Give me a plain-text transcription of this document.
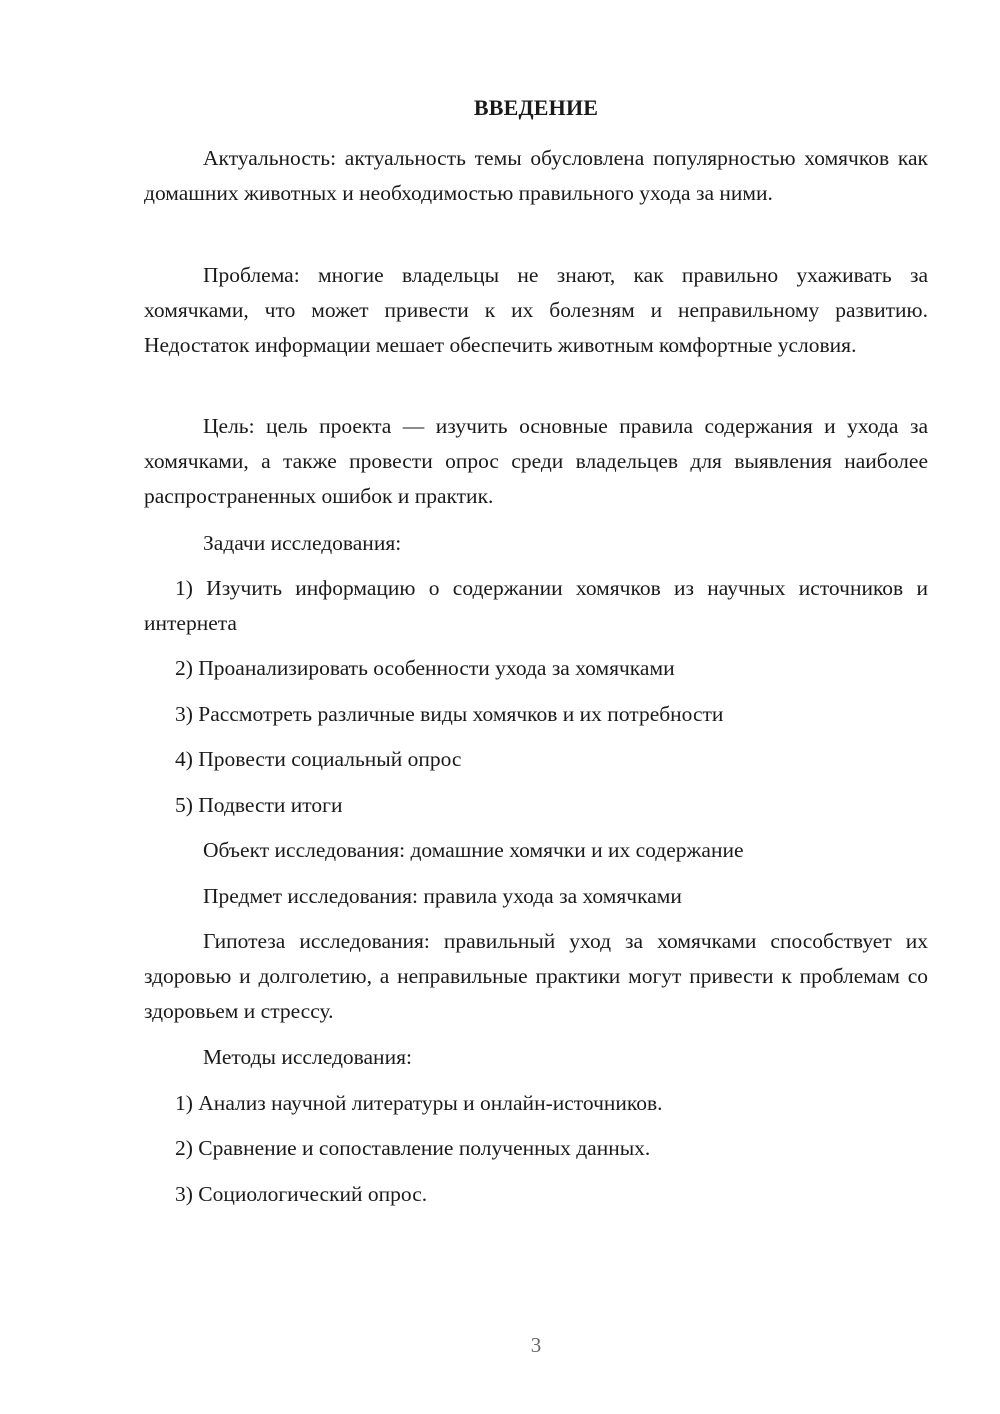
ВВЕДЕНИЕ

Актуальность: актуальность темы обусловлена популярностью хомячков как домашних животных и необходимостью правильного ухода за ними.

Проблема: многие владельцы не знают, как правильно ухаживать за хомячками, что может привести к их болезням и неправильному развитию. Недостаток информации мешает обеспечить животным комфортные условия.

Цель: цель проекта — изучить основные правила содержания и ухода за хомячками, а также провести опрос среди владельцев для выявления наиболее распространенных ошибок и практик.

Задачи исследования:

1) Изучить информацию о содержании хомячков из научных источников и интернета

2) Проанализировать особенности ухода за хомячками

3) Рассмотреть различные виды хомячков и их потребности

4) Провести социальный опрос

5) Подвести итоги

Объект исследования: домашние хомячки и их содержание

Предмет исследования: правила ухода за хомячками

Гипотеза исследования: правильный уход за хомячками способствует их здоровью и долголетию, а неправильные практики могут привести к проблемам со здоровьем и стрессу.

Методы исследования:

1) Анализ научной литературы и онлайн-источников.

2) Сравнение и сопоставление полученных данных.

3) Социологический опрос.

3
